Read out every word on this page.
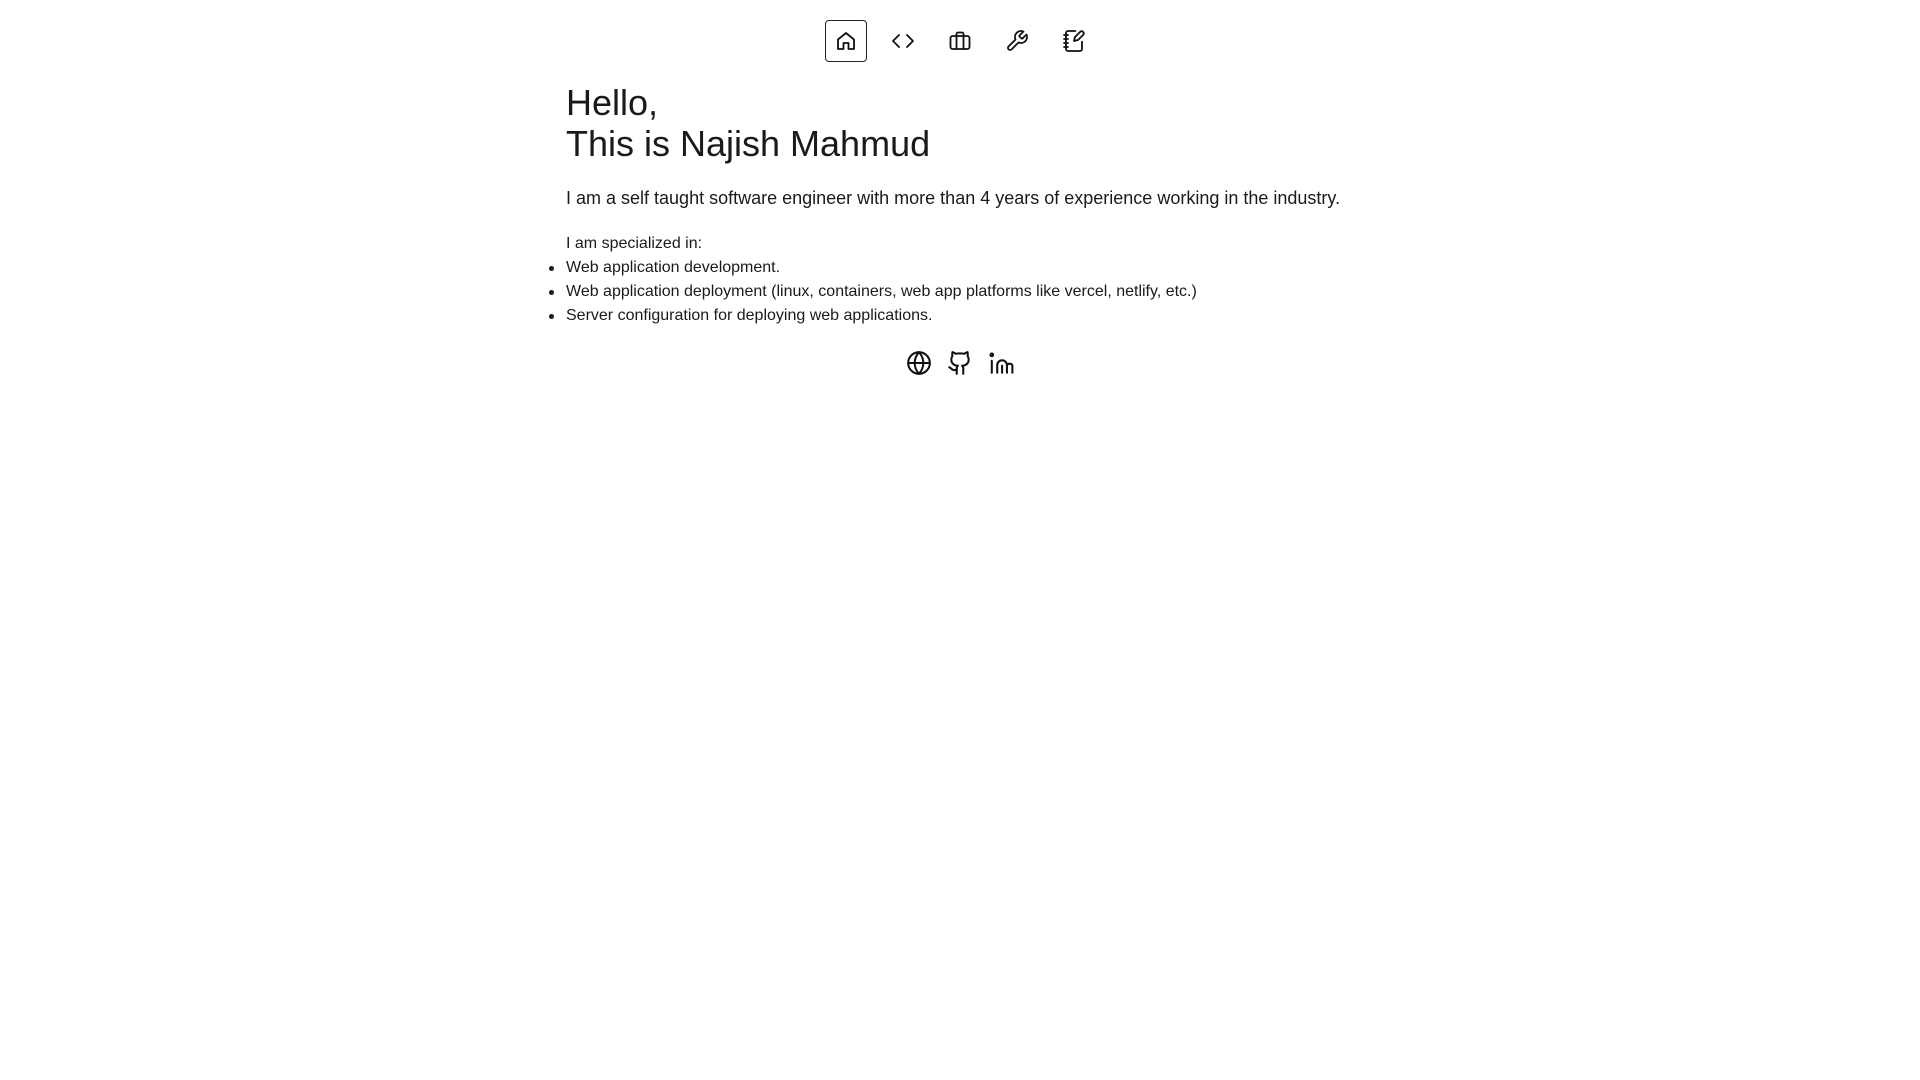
Hello,
This is Najish Mahmud

I am a self taught software engineer with more than 4 years of experience working in the industry.

I am specialized in:

Web application development.
Web application deployment (linux, containers, web app platforms like vercel, netlify, etc.)
Server configuration for deploying web applications.
